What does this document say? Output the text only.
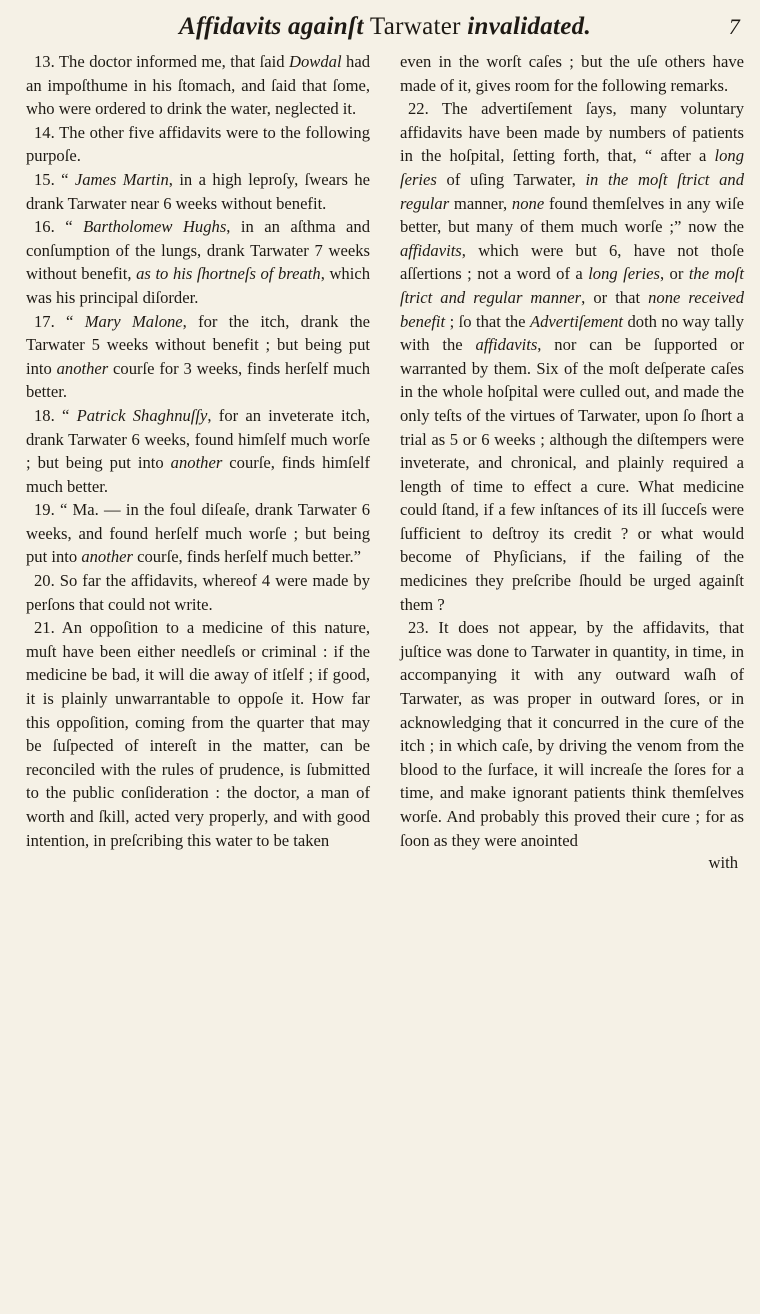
Affidavits againſt Tarwater invalidated.	7

13. The doctor informed me, that ſaid Dowdal had an impoſthume in his ſtomach, and ſaid that ſome, who were ordered to drink the water, neglected it.

14. The other five affidavits were to the following purpoſe.

15. “ James Martin, in a high leproſy, ſwears he drank Tarwater near 6 weeks without benefit.

16. “ Bartholomew Hughs, in an aſthma and conſumption of the lungs, drank Tarwater 7 weeks without benefit, as to his ſhortneſs of breath, which was his principal diſorder.

17. “ Mary Malone, for the itch, drank the Tarwater 5 weeks without benefit ; but being put into another courſe for 3 weeks, finds herſelf much better.

18. “ Patrick Shaghnuſſy, for an inveterate itch, drank Tarwater 6 weeks, found himſelf much worſe ; but being put into another courſe, finds himſelf much better.

19. “ Ma. — in the foul diſeaſe, drank Tarwater 6 weeks, and found herſelf much worſe ; but being put into another courſe, finds herſelf much better.”

20. So far the affidavits, whereof 4 were made by perſons that could not write.

21. An oppoſition to a medicine of this nature, muſt have been either needleſs or criminal : if the medicine be bad, it will die away of itſelf ; if good, it is plainly unwarrantable to oppoſe it. How far this oppoſition, coming from the quarter that may be ſuſpected of intereſt in the matter, can be reconciled with the rules of prudence, is ſubmitted to the public conſideration : the doctor, a man of worth and ſkill, acted very properly, and with good intention, in preſcribing this water to be taken

even in the worſt caſes ; but the uſe others have made of it, gives room for the following remarks.

22. The advertiſement ſays, many voluntary affidavits have been made by numbers of patients in the hoſpital, ſetting forth, that, “ after a long ſeries of uſing Tarwater, in the moſt ſtrict and regular manner, none found themſelves in any wiſe better, but many of them much worſe ;” now the affidavits, which were but 6, have not thoſe aſſertions ; not a word of a long ſeries, or the moſt ſtrict and regular manner, or that none received benefit ; ſo that the Advertiſement doth no way tally with the affidavits, nor can be ſupported or warranted by them. Six of the moſt deſperate caſes in the whole hoſpital were culled out, and made the only teſts of the virtues of Tarwater, upon ſo ſhort a trial as 5 or 6 weeks ; although the diſtempers were inveterate, and chronical, and plainly required a length of time to effect a cure. What medicine could ſtand, if a few inſtances of its ill ſucceſs were ſufficient to deſtroy its credit ? or what would become of Phyſicians, if the failing of the medicines they preſcribe ſhould be urged againſt them ?

23. It does not appear, by the affidavits, that juſtice was done to Tarwater in quantity, in time, in accompanying it with any outward waſh of Tarwater, as was proper in outward ſores, or in acknowledging that it concurred in the cure of the itch ; in which caſe, by driving the venom from the blood to the ſurface, it will increaſe the ſores for a time, and make ignorant patients think themſelves worſe. And probably this proved their cure ; for as ſoon as they were anointed

with
